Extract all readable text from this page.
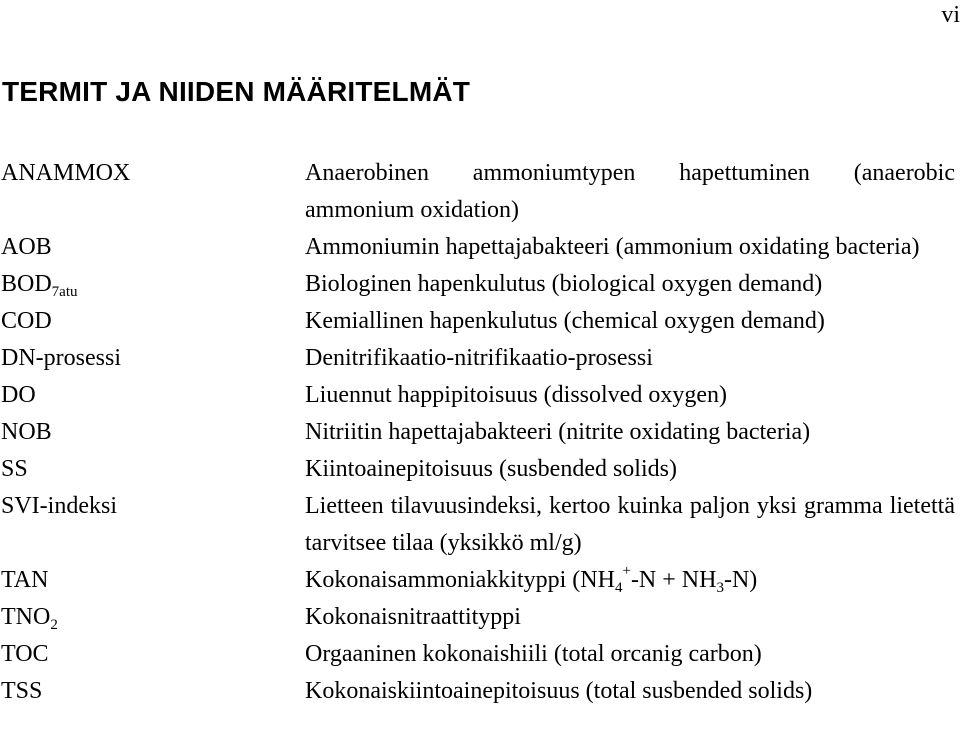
vi
TERMIT JA NIIDEN MÄÄRITELMÄT
ANAMMOX	Anaerobinen ammoniumtypen hapettuminen (anaerobic ammonium oxidation)
AOB	Ammoniumin hapettajabakteeri (ammonium oxidating bacteria)
$BOD_{7atu}$	Biologinen hapenkulutus (biological oxygen demand)
COD	Kemiallinen hapenkulutus (chemical oxygen demand)
DN-prosessi	Denitrifikaatio-nitrifikaatio-prosessi
DO	Liuennut happipitoisuus (dissolved oxygen)
NOB	Nitriitin hapettajabakteeri (nitrite oxidating bacteria)
SS	Kiintoainepitoisuus (susbended solids)
SVI-indeksi	Lietteen tilavuusindeksi, kertoo kuinka paljon yksi gramma lietettä tarvitsee tilaa (yksikkö ml/g)
TAN	Kokonaisammoniakkityppi $(NH_4^+-N + NH_3-N)$
$TNO_2$	Kokonaisnitraattityppi
TOC	Orgaaninen kokonaishiili (total orcanig carbon)
TSS	Kokonaiskiintoainepitoisuus (total susbended solids)
